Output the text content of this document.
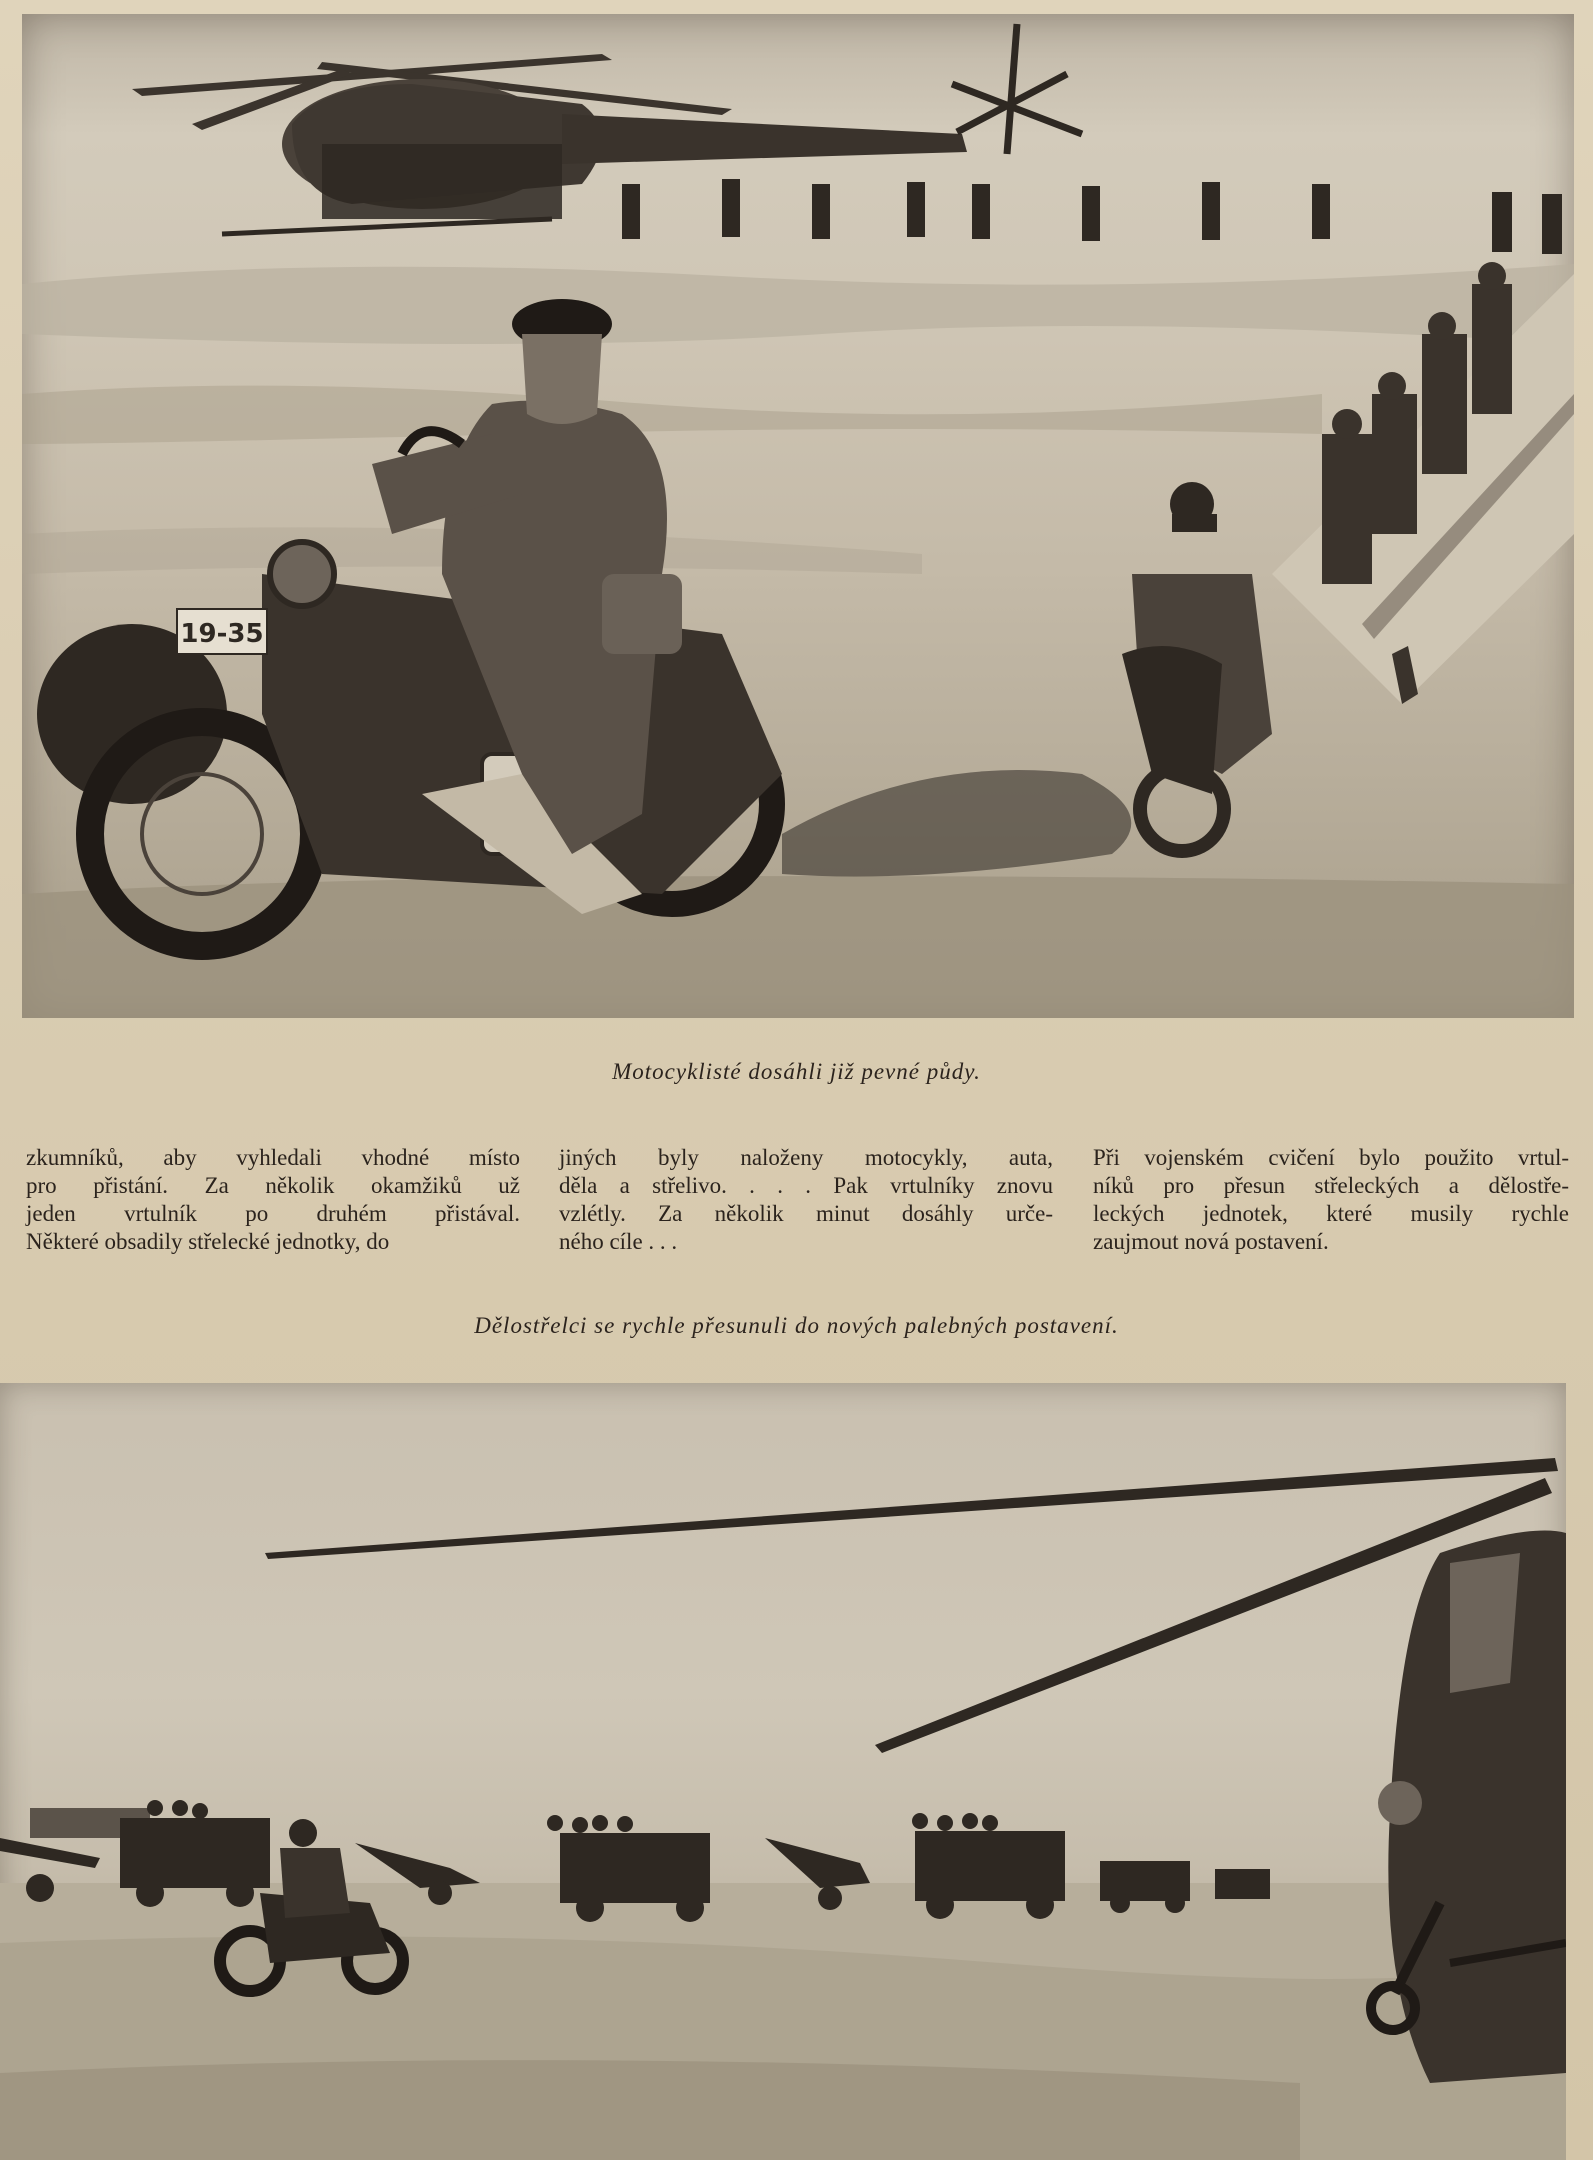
19-35
Motocyklisté dosáhli již pevné půdy.
zkumníků, aby vyhledali vhodné místo
pro přistání. Za několik okamžiků už
jeden vrtulník po druhém přistával.
Některé obsadily střelecké jednotky, do
jiných byly naloženy motocykly, auta,
děla a střelivo. . . . Pak vrtulníky znovu
vzlétly. Za několik minut dosáhly urče-
ného cíle . . .
Při vojenském cvičení bylo použito vrtul-
níků pro přesun střeleckých a dělostře-
leckých jednotek, které musily rychle
zaujmout nová postavení.
Dělostřelci se rychle přesunuli do nových palebných postavení.
